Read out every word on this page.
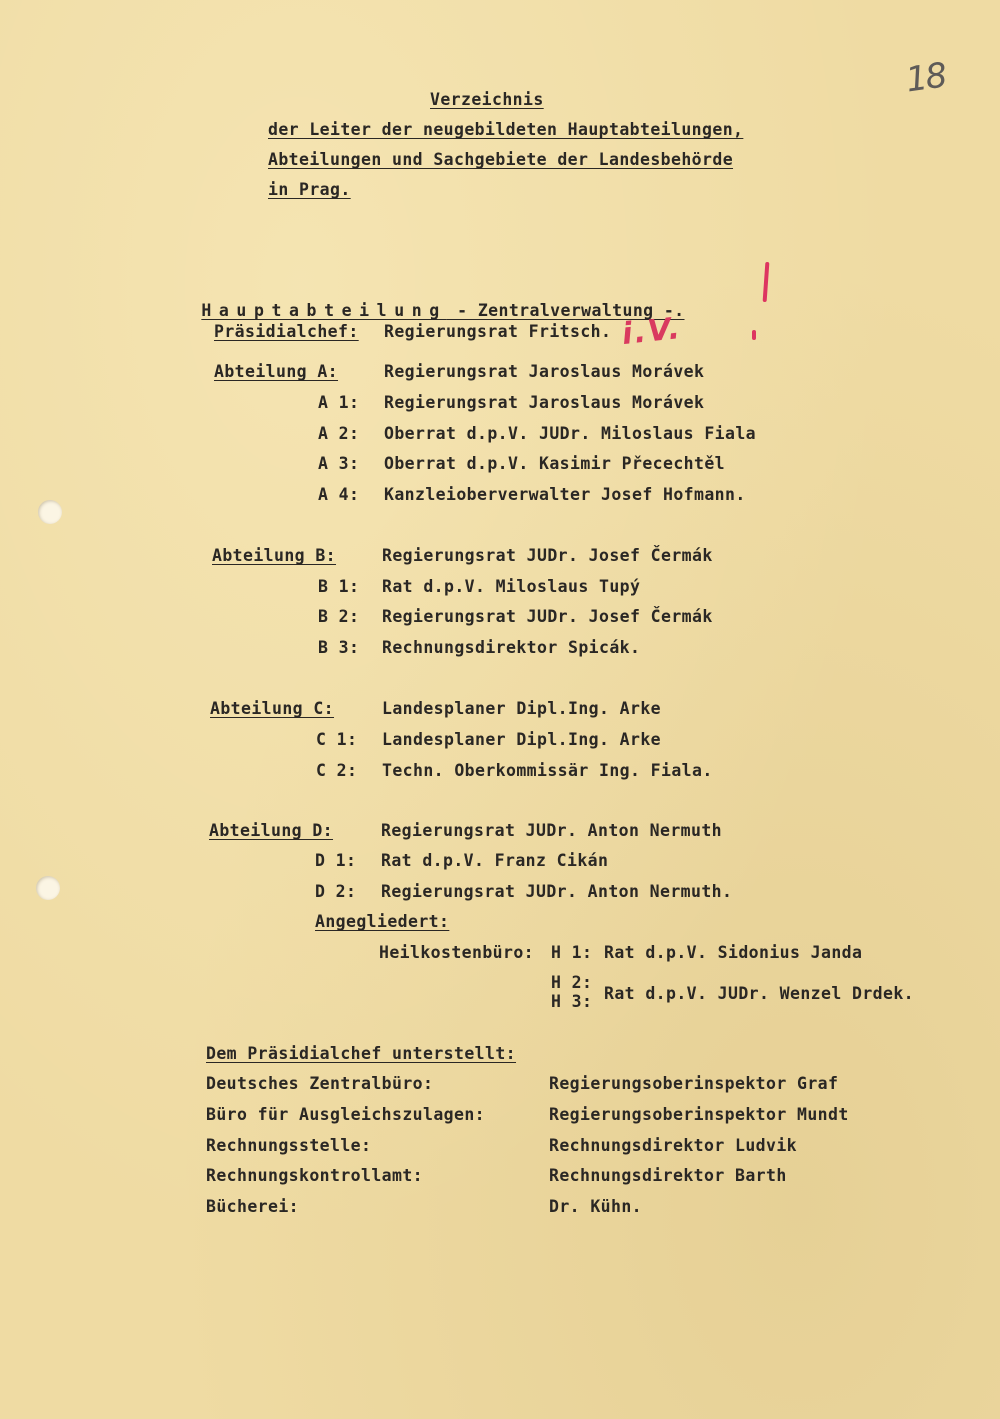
18
Verzeichnis
der Leiter der neugebildeten Hauptabteilungen,
Abteilungen und Sachgebiete der Landesbehörde
in Prag.

Hauptabteilung - Zentralverwaltung -.

Präsidialchef: Regierungsrat Fritsch. i.V.
Abteilung A:	Regierungsrat Jaroslaus Morávek
A 1: Regierungsrat Jaroslaus Morávek
A 2: Oberrat d.p.V. JUDr. Miloslaus Fiala
A 3: Oberrat d.p.V. Kasimir Přecechtěl
A 4: Kanzleioberverwalter Josef Hofmann.
Abteilung B:	Regierungsrat JUDr. Josef Čermák
B 1: Rat d.p.V. Miloslaus Tupý
B 2: Regierungsrat JUDr. Josef Čermák
B 3: Rechnungsdirektor Spicák.
Abteilung C:	Landesplaner Dipl.Ing. Arke
C 1: Landesplaner Dipl.Ing. Arke
C 2: Techn. Oberkommissär Ing. Fiala.
Abteilung D:	Regierungsrat JUDr. Anton Nermuth
D 1: Rat d.p.V. Franz Cikán
D 2: Regierungsrat JUDr. Anton Nermuth.
Angegliedert:
Heilkostenbüro: H 1: Rat d.p.V. Sidonius Janda
H 2:
H 3: Rat d.p.V. JUDr. Wenzel Drdek.
Dem Präsidialchef unterstellt:
Deutsches Zentralbüro:	Regierungsoberinspektor Graf
Büro für Ausgleichszulagen:	Regierungsoberinspektor Mundt
Rechnungsstelle:	Rechnungsdirektor Ludvik
Rechnungskontrollamt:	Rechnungsdirektor Barth
Bücherei:	Dr. Kühn.
